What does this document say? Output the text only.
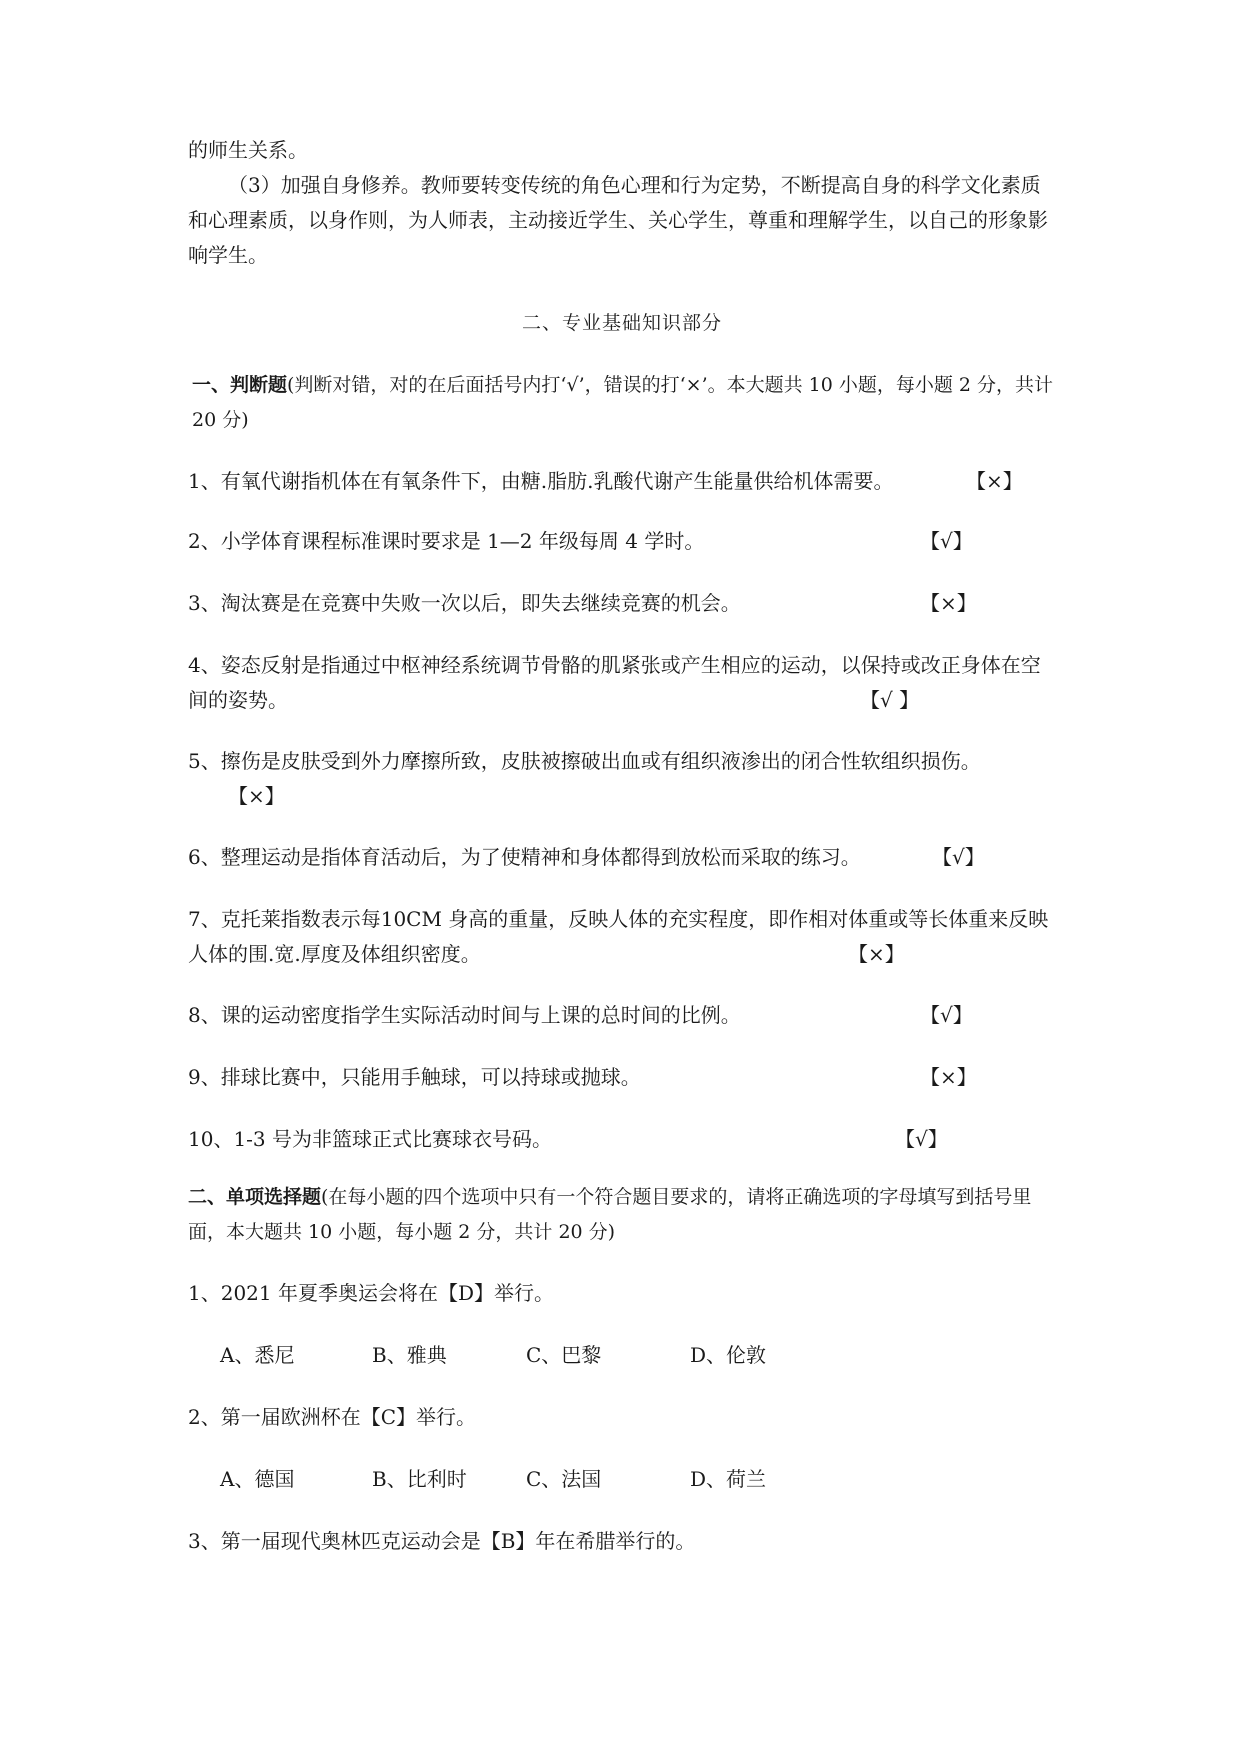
的师生关系。

（3）加强自身修养。教师要转变传统的角色心理和行为定势，不断提高自身的科学文化素质和心理素质，以身作则，为人师表，主动接近学生、关心学生，尊重和理解学生，以自己的形象影响学生。

二、专业基础知识部分

一、判断题(判断对错，对的在后面括号内打‘√’，错误的打‘×’。本大题共 10 小题，每小题 2 分，共计 20 分)

1、有氧代谢指机体在有氧条件下，由糖.脂肪.乳酸代谢产生能量供给机体需要。	【×】

2、小学体育课程标准课时要求是 1—2 年级每周 4 学时。	【√】

3、淘汰赛是在竞赛中失败一次以后，即失去继续竞赛的机会。	【×】

4、姿态反射是指通过中枢神经系统调节骨骼的肌紧张或产生相应的运动，以保持或改正身体在空间的姿势。	【√ 】

5、擦伤是皮肤受到外力摩擦所致，皮肤被擦破出血或有组织液渗出的闭合性软组织损伤。

【×】

6、整理运动是指体育活动后，为了使精神和身体都得到放松而采取的练习。	【√】

7、克托莱指数表示每10CM 身高的重量，反映人体的充实程度，即作相对体重或等长体重来反映人体的围.宽.厚度及体组织密度。	【×】

8、课的运动密度指学生实际活动时间与上课的总时间的比例。	【√】

9、排球比赛中，只能用手触球，可以持球或抛球。	【×】

10、1-3 号为非篮球正式比赛球衣号码。	【√】

二、单项选择题(在每小题的四个选项中只有一个符合题目要求的，请将正确选项的字母填写到括号里面，本大题共 10 小题，每小题 2 分，共计 20 分)

1、2021 年夏季奥运会将在【D】举行。

A、悉尼	B、雅典	C、巴黎	D、伦敦

2、第一届欧洲杯在【C】举行。

A、德国	B、比利时	C、法国	D、荷兰

3、第一届现代奥林匹克运动会是【B】年在希腊举行的。
